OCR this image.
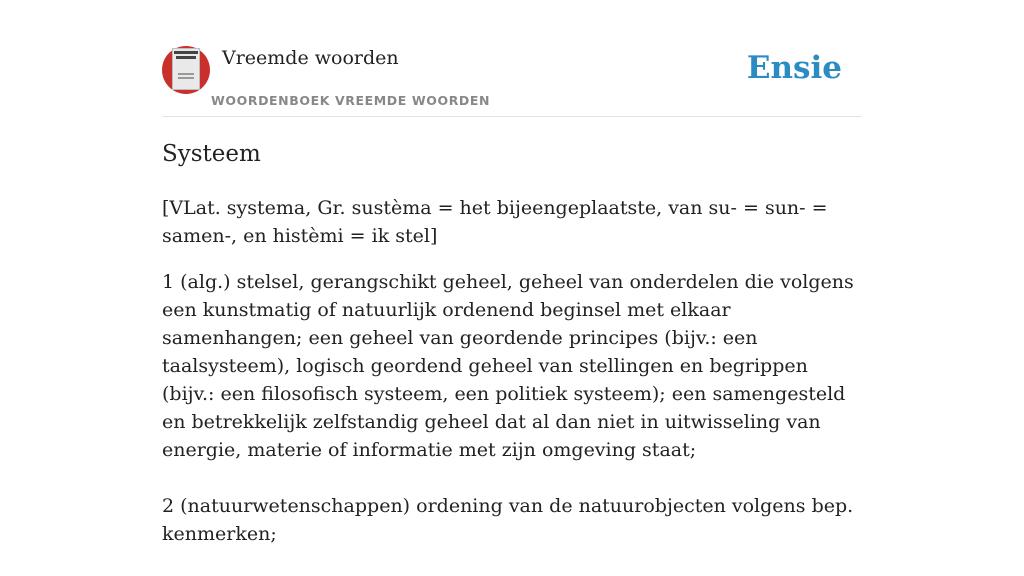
Vreemde woorden
WOORDENBOEK VREEMDE WOORDEN
Ensie
Systeem

[VLat. systema, Gr. sustèma = het bijeengeplaatste, van su- = sun- = samen-, en histèmi = ik stel]

1 (alg.) stelsel, gerangschikt geheel, geheel van onderdelen die volgens een kunstmatig of natuurlijk ordenend beginsel met elkaar samenhangen; een geheel van geordende principes (bijv.: een taalsysteem), logisch geordend geheel van stellingen en begrippen (bijv.: een filosofisch systeem, een politiek systeem); een samengesteld en betrekkelijk zelfstandig geheel dat al dan niet in uitwisseling van energie, materie of informatie met zijn omgeving staat;

2 (natuurwetenschappen) ordening van de natuurobjecten volgens bep. kenmerken;
